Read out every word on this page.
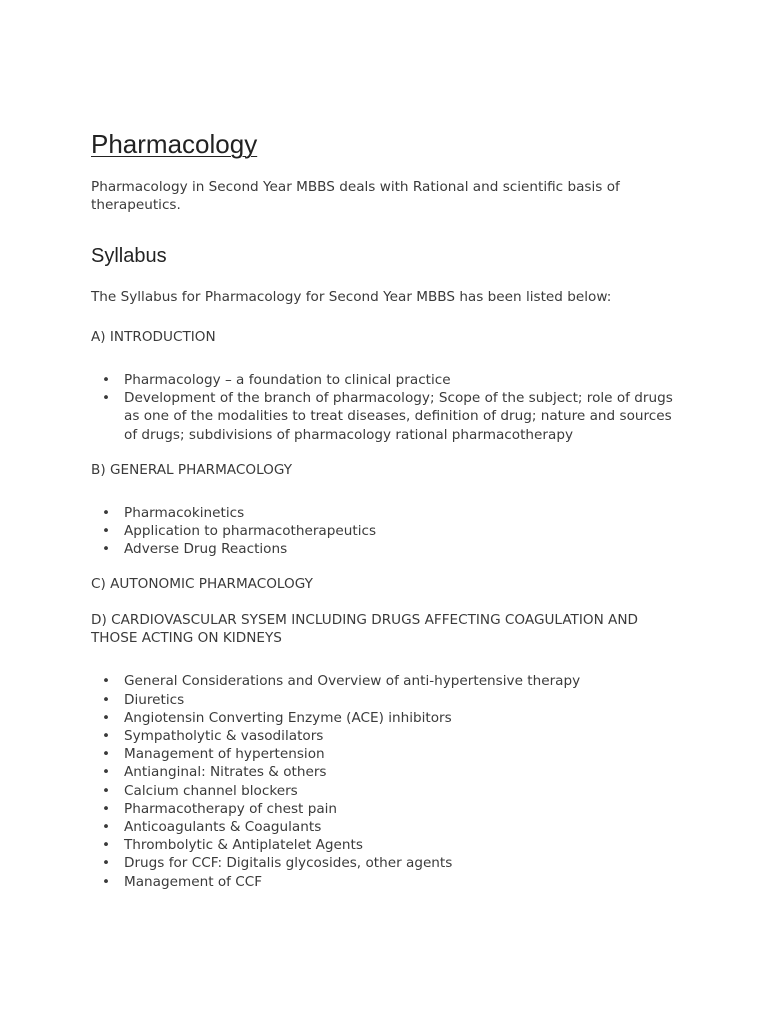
Pharmacology

Pharmacology in Second Year MBBS deals with Rational and scientific basis of therapeutics.

Syllabus

The Syllabus for Pharmacology for Second Year MBBS has been listed below:

A) INTRODUCTION

• Pharmacology – a foundation to clinical practice
• Development of the branch of pharmacology; Scope of the subject; role of drugs as one of the modalities to treat diseases, definition of drug; nature and sources of drugs; subdivisions of pharmacology rational pharmacotherapy

B) GENERAL PHARMACOLOGY

• Pharmacokinetics
• Application to pharmacotherapeutics
• Adverse Drug Reactions

C) AUTONOMIC PHARMACOLOGY

D) CARDIOVASCULAR SYSEM INCLUDING DRUGS AFFECTING COAGULATION AND THOSE ACTING ON KIDNEYS

• General Considerations and Overview of anti-hypertensive therapy
• Diuretics
• Angiotensin Converting Enzyme (ACE) inhibitors
• Sympatholytic & vasodilators
• Management of hypertension
• Antianginal: Nitrates & others
• Calcium channel blockers
• Pharmacotherapy of chest pain
• Anticoagulants & Coagulants
• Thrombolytic & Antiplatelet Agents
• Drugs for CCF: Digitalis glycosides, other agents
• Management of CCF
